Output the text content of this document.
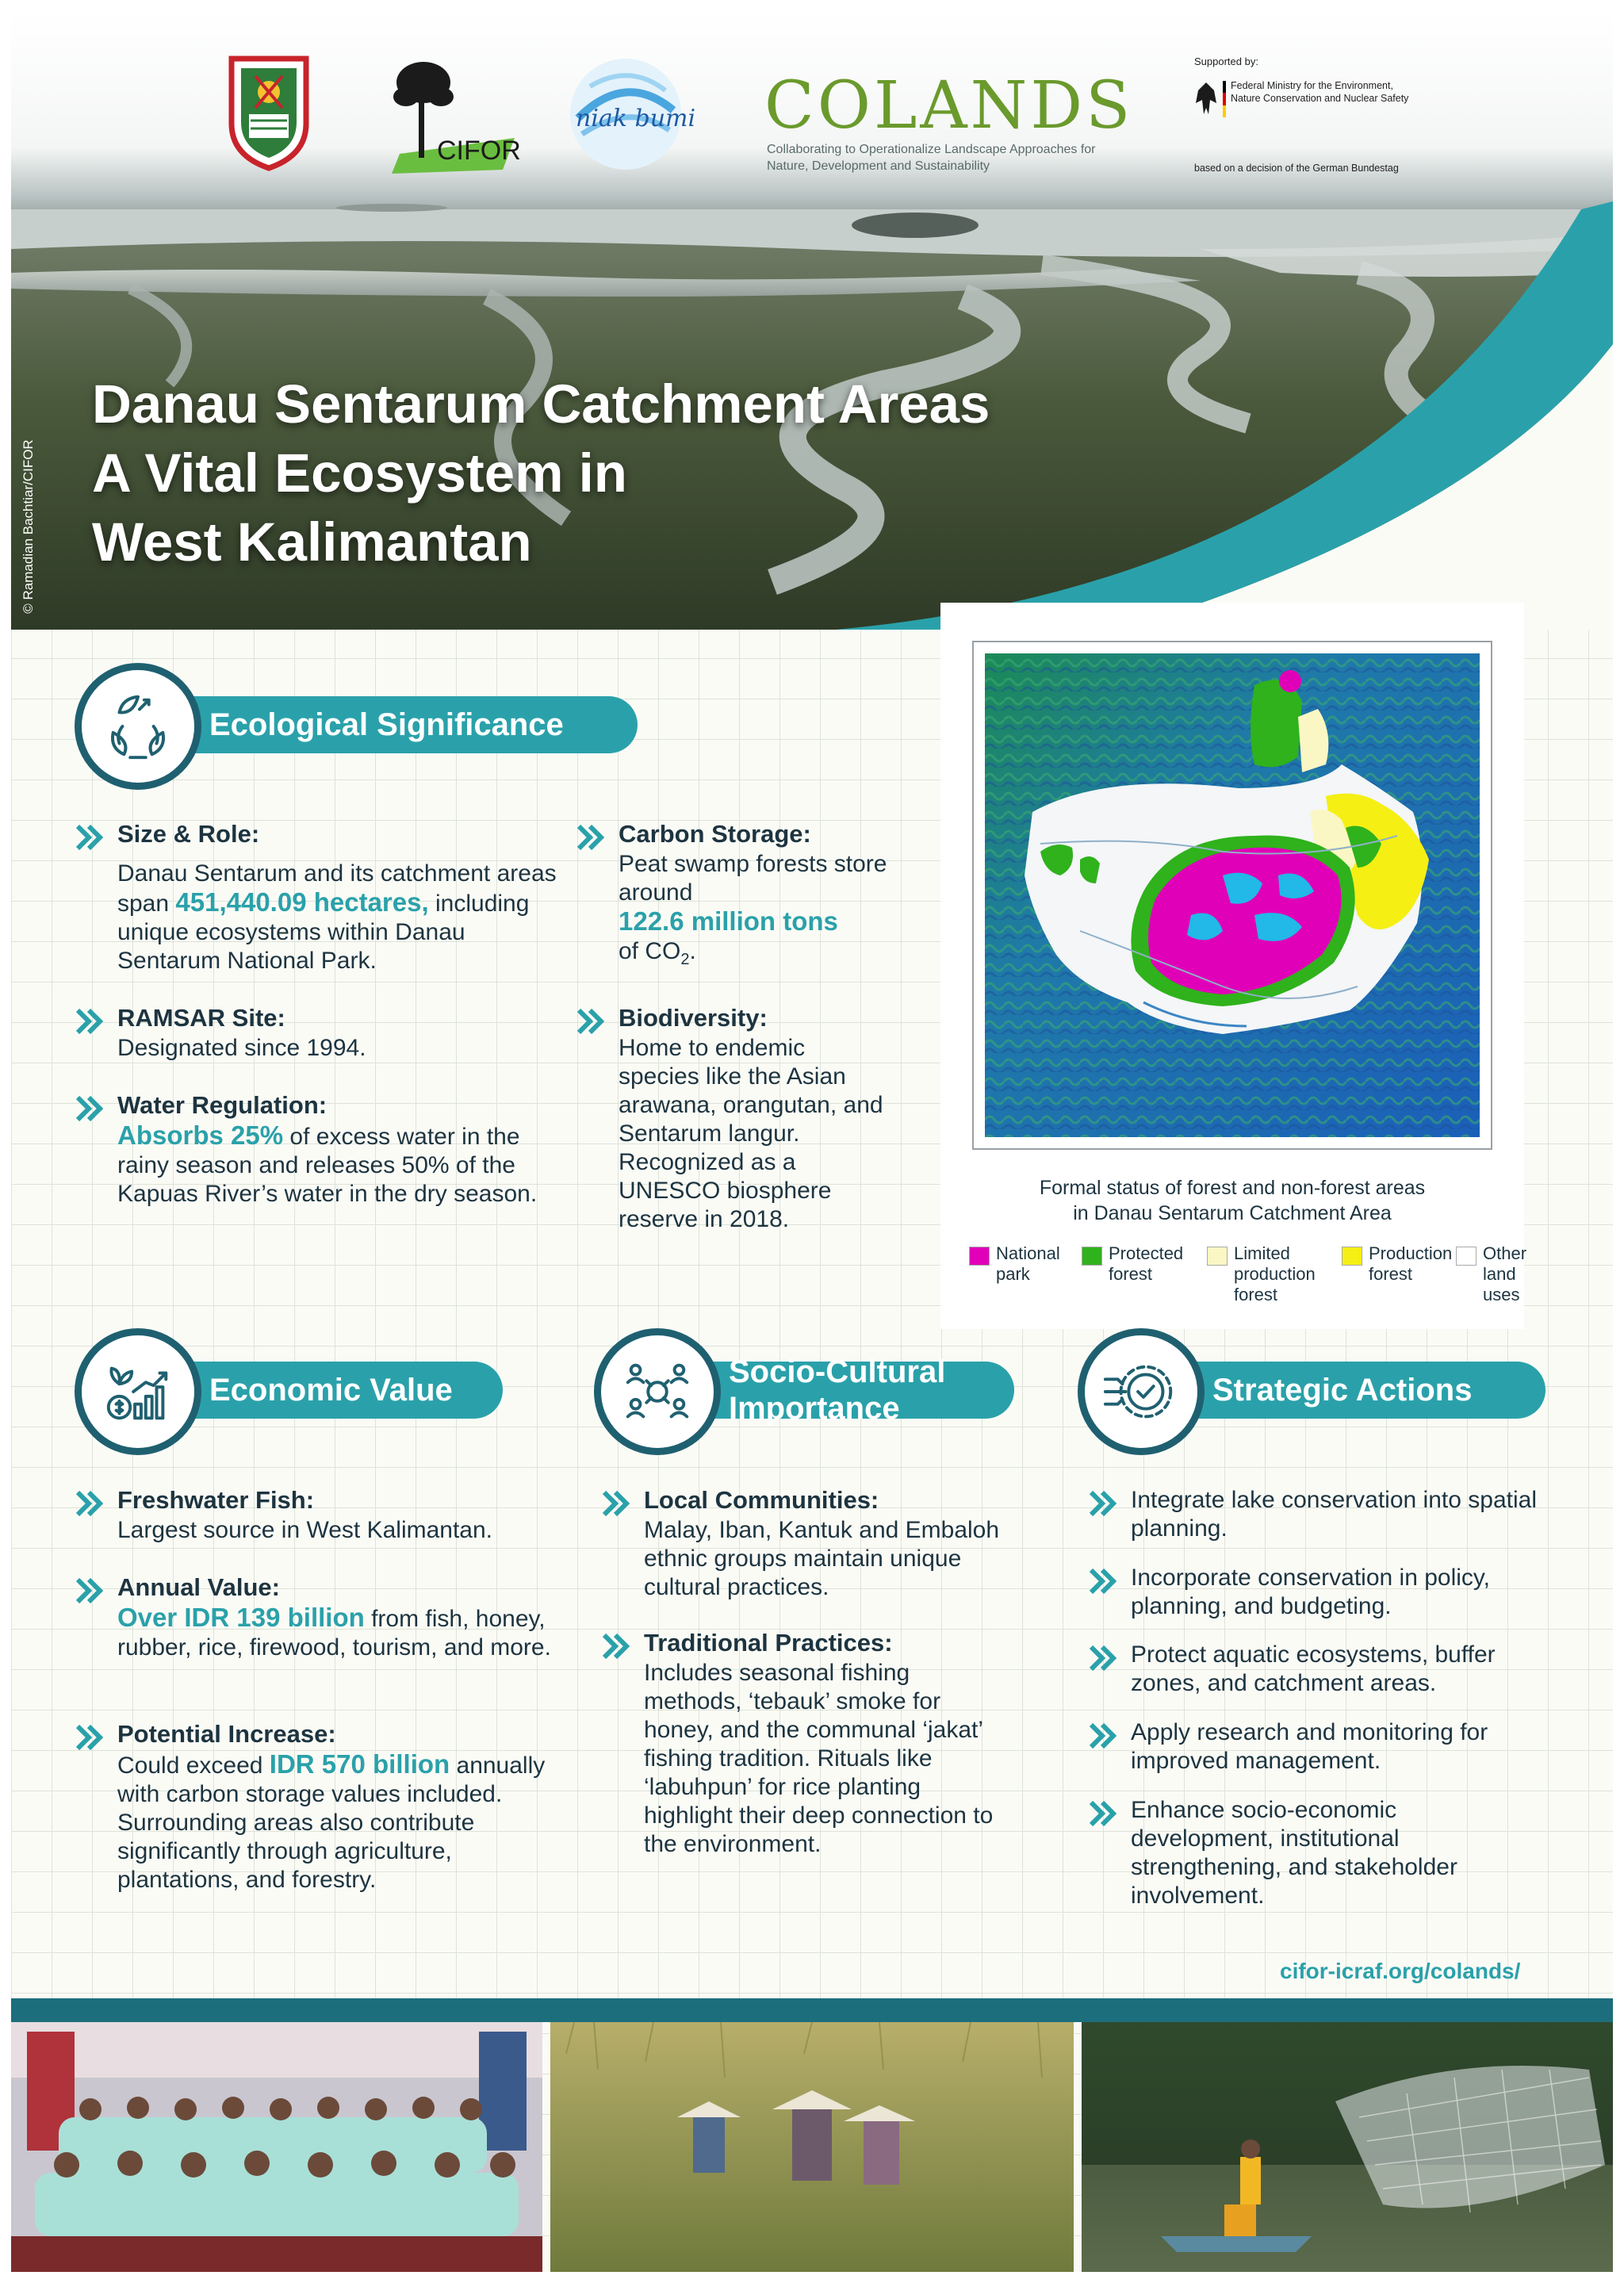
CIFOR
niak bumi COLANDS
Collaborating to Operationalize Landscape Approaches for Nature, Development and Sustainability
Supported by:
Federal Ministry for the Environment, Nature Conservation and Nuclear Safety
based on a decision of the German Bundestag
Danau Sentarum Catchment Areas
A Vital Ecosystem in
West Kalimantan
© Ramadian Bachtiar/CIFOR
Ecological Significance
Size & Role:
Danau Sentarum and its catchment areas span 451,440.09 hectares, including unique ecosystems within Danau Sentarum National Park.
RAMSAR Site:
Designated since 1994.
Water Regulation:
Absorbs 25% of excess water in the rainy season and releases 50% of the Kapuas River’s water in the dry season.
Carbon Storage:
Peat swamp forests store around
122.6 million tons
of $CO_2$.
Biodiversity:
Home to endemic species like the Asian arawana, orangutan, and Sentarum langur. Recognized as a UNESCO biosphere reserve in 2018.
Formal status of forest and non-forest areas
in Danau Sentarum Catchment Area
National park
Protected forest
Limited production forest
Production forest
Other land uses
Economic Value
Freshwater Fish:
Largest source in West Kalimantan.
Annual Value:
Over IDR 139 billion from fish, honey, rubber, rice, firewood, tourism, and more.
Potential Increase:
Could exceed IDR 570 billion annually with carbon storage values included. Surrounding areas also contribute significantly through agriculture, plantations, and forestry.
Socio-Cultural
Importance
Local Communities:
Malay, Iban, Kantuk and Embaloh ethnic groups maintain unique cultural practices.
Traditional Practices:
Includes seasonal fishing methods, ‘tebauk’ smoke for honey, and the communal ‘jakat’ fishing tradition. Rituals like ‘labuhpun’ for rice planting highlight their deep connection to the environment.
Strategic Actions
Integrate lake conservation into spatial planning.
Incorporate conservation in policy, planning, and budgeting.
Protect aquatic ecosystems, buffer zones, and catchment areas.
Apply research and monitoring for improved management.
Enhance socio-economic development, institutional strengthening, and stakeholder involvement.
cifor-icraf.org/colands/
